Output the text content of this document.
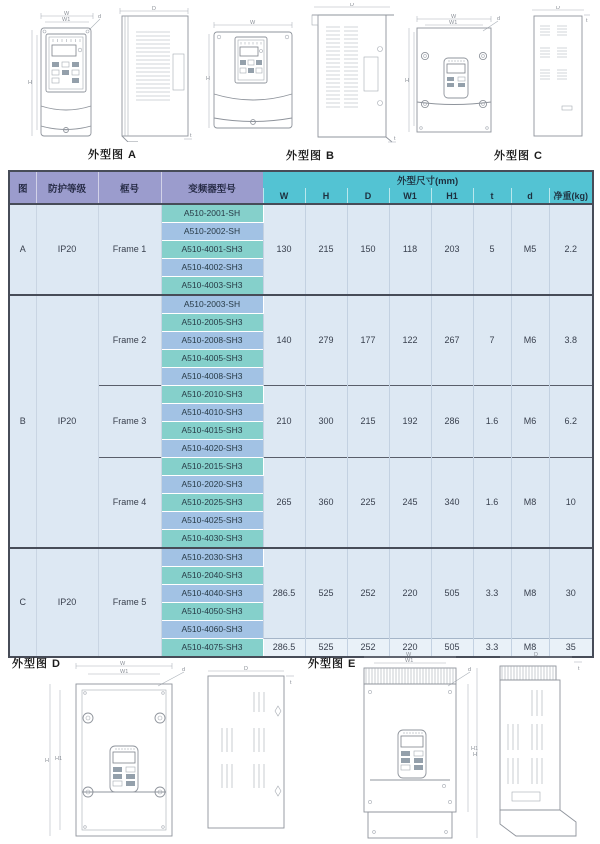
W
W1	d
H
D
t
W
H
D
t
W
W1
d
H
D
t
外型图 A	外型图 B	外型图 C
图	防护等级	框号	变频器型号	外型尺寸(mm)							
				W	H	D	W1	H1	t	d	净重(kg)
A	IP20	Frame 1	A510-2001-SH	130	215	150	118	203	5	M5	2.2
			A510-2002-SH								
			A510-4001-SH3								
			A510-4002-SH3								
			A510-4003-SH3								
B	IP20	Frame 2	A510-2003-SH	140	279	177	122	267	7	M6	3.8
			A510-2005-SH3								
			A510-2008-SH3								
			A510-4005-SH3								
			A510-4008-SH3								
		Frame 3	A510-2010-SH3	210	300	215	192	286	1.6	M6	6.2
			A510-4010-SH3								
			A510-4015-SH3								
			A510-4020-SH3								
		Frame 4	A510-2015-SH3	265	360	225	245	340	1.6	M8	10
			A510-2020-SH3								
			A510-2025-SH3								
			A510-4025-SH3								
			A510-4030-SH3								
C	IP20	Frame 5	A510-2030-SH3	286.5	525	252	220	505	3.3	M8	30
			A510-2040-SH3								
			A510-4040-SH3								
			A510-4050-SH3								
			A510-4060-SH3								
			A510-4075-SH3	286.5	525	252	220	505	3.3	M8	35
外型图 D	外型图 E
W
W1	d
H H1
D
t
W
W1
d
H1
H
D
t
